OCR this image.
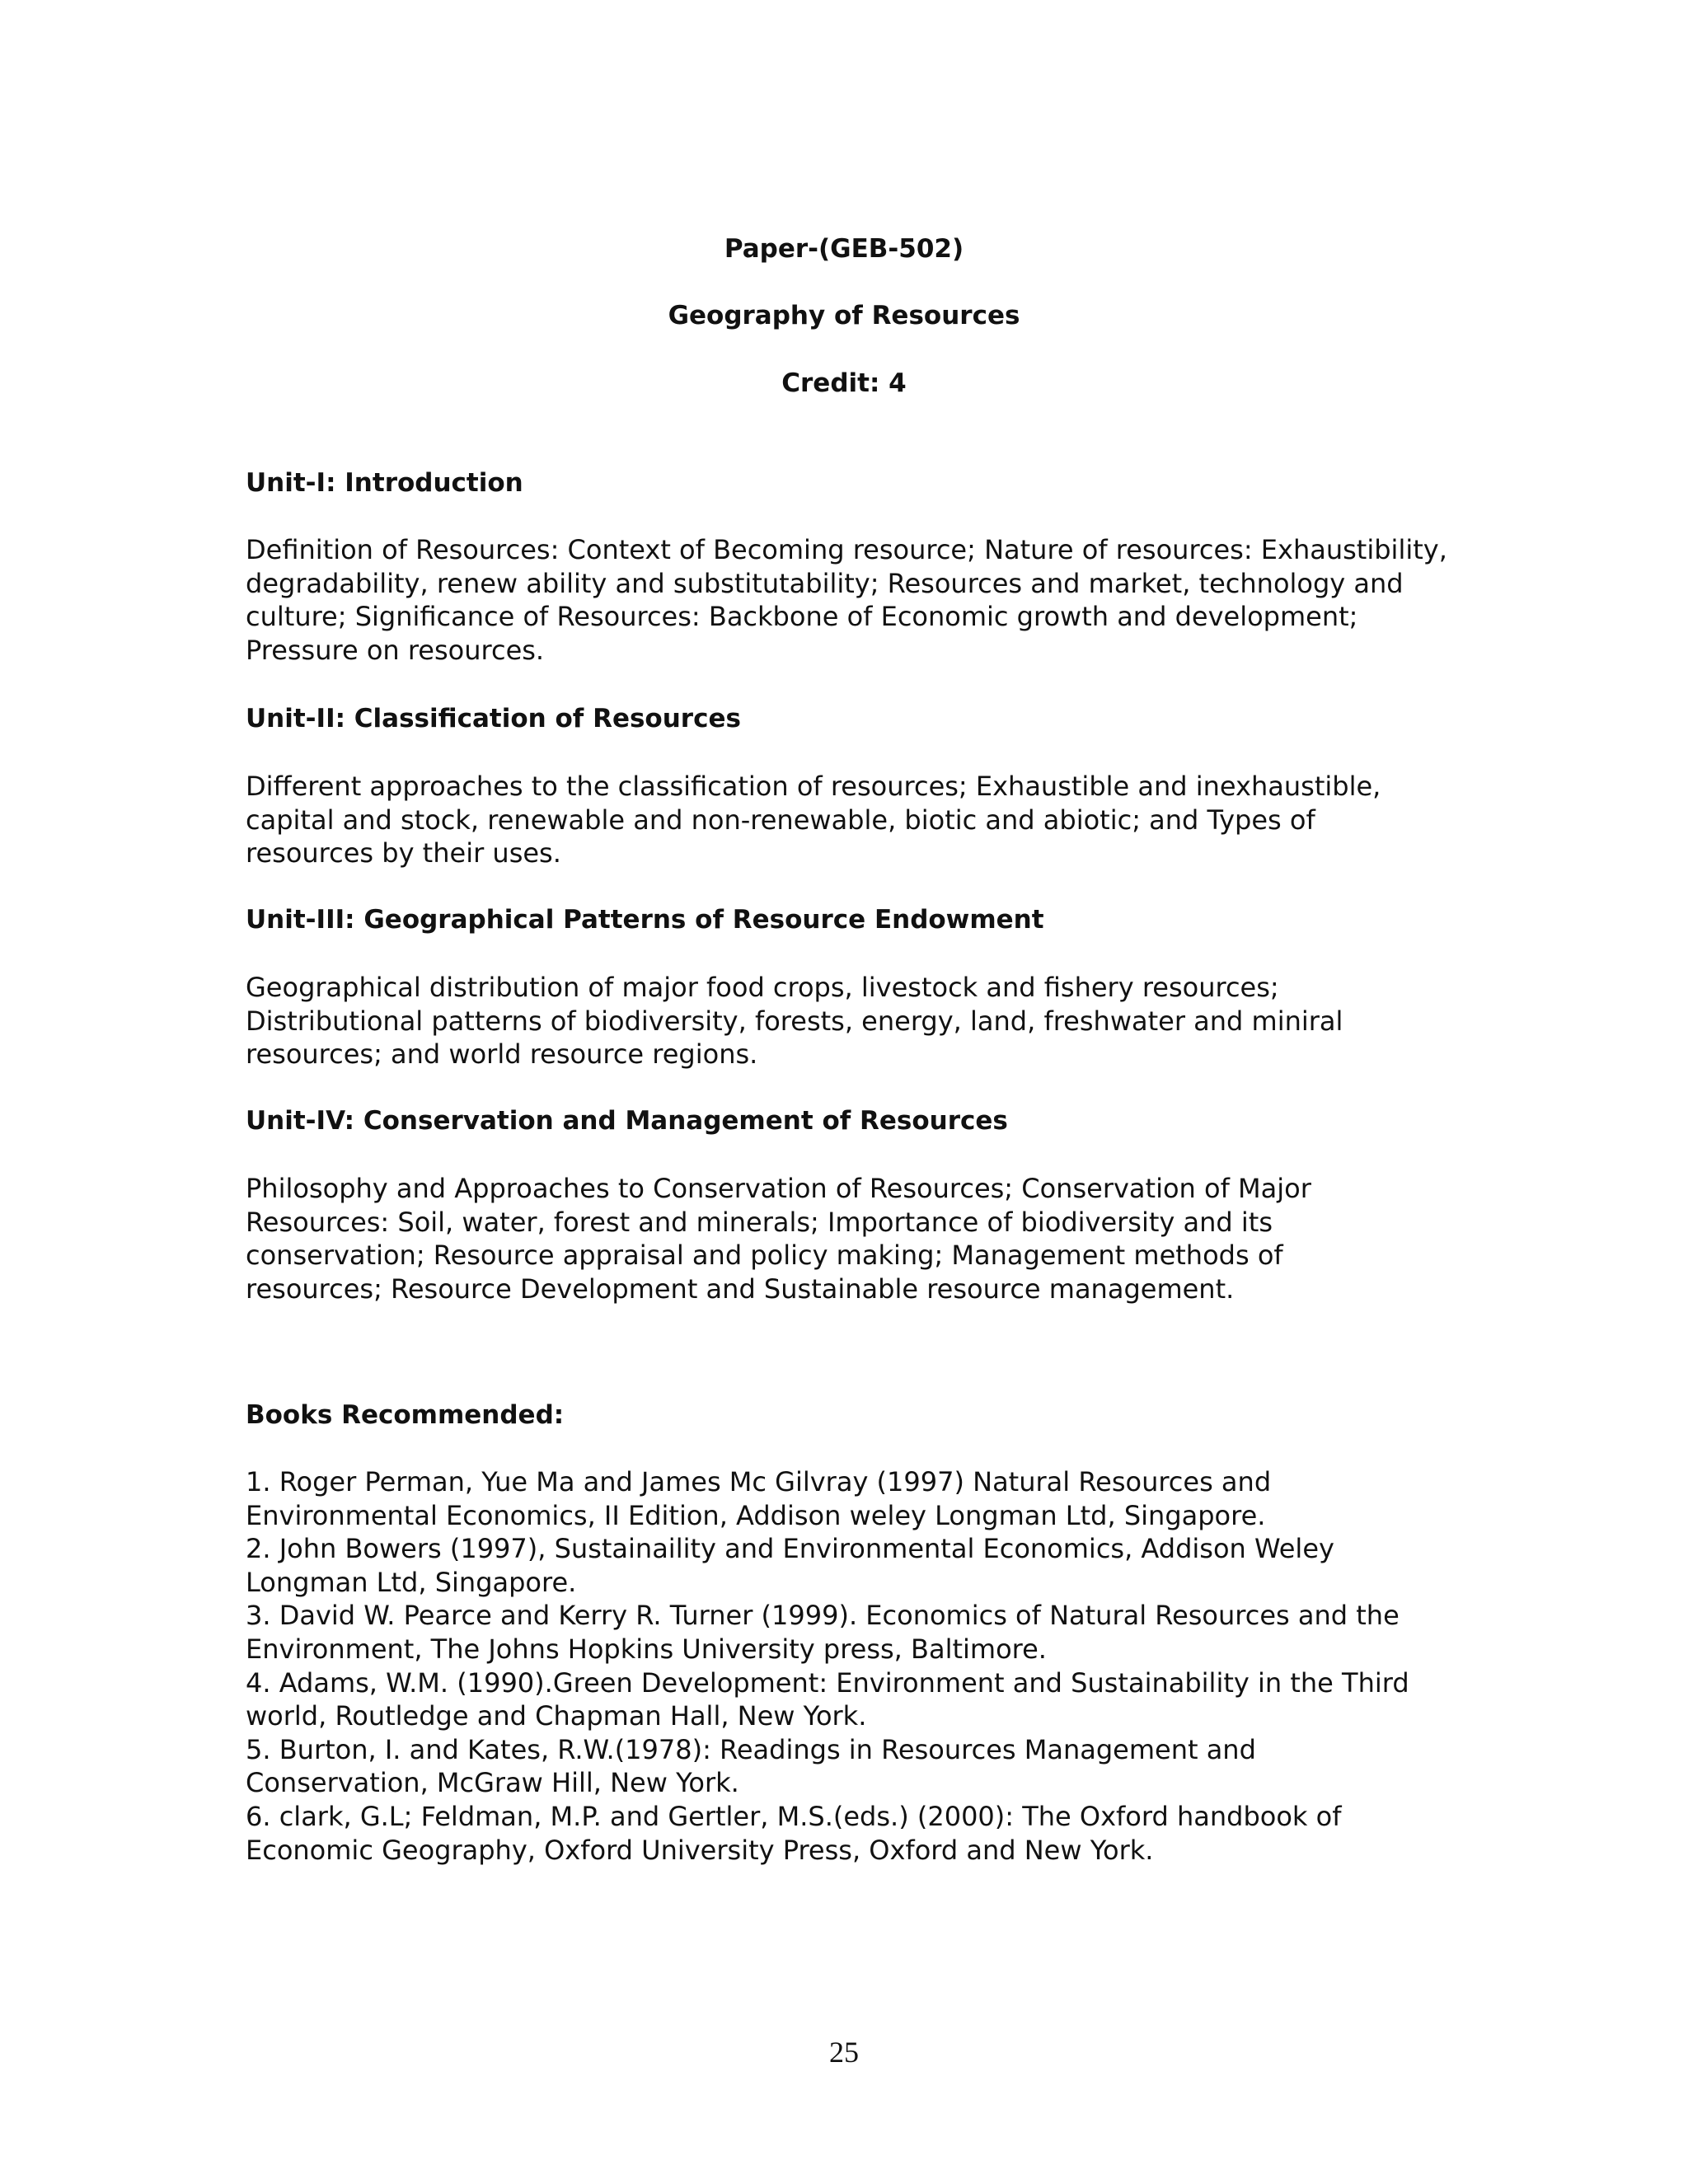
Paper-(GEB-502)
Geography of Resources
Credit: 4
Unit-I: Introduction
Definition of Resources: Context of Becoming resource; Nature of resources: Exhaustibility,
degradability, renew ability and substitutability; Resources and market, technology and
culture; Significance of Resources: Backbone of Economic growth and development;
Pressure on resources.
Unit-II: Classification of Resources
Different approaches to the classification of resources; Exhaustible and inexhaustible,
capital and stock, renewable and non-renewable, biotic and abiotic; and Types of
resources by their uses.
Unit-III: Geographical Patterns of Resource Endowment
Geographical distribution of major food crops, livestock and fishery resources;
Distributional patterns of biodiversity, forests, energy, land, freshwater and miniral
resources; and world resource regions.
Unit-IV: Conservation and Management of Resources
Philosophy and Approaches to Conservation of Resources; Conservation of Major
Resources: Soil, water, forest and minerals; Importance of biodiversity and its
conservation; Resource appraisal and policy making; Management methods of
resources; Resource Development and Sustainable resource management.
Books Recommended:
1. Roger Perman, Yue Ma and James Mc Gilvray (1997) Natural Resources and
Environmental Economics, II Edition, Addison weley Longman Ltd, Singapore.
2. John Bowers (1997), Sustainaility and Environmental Economics, Addison Weley
Longman Ltd, Singapore.
3. David W. Pearce and Kerry R. Turner (1999). Economics of Natural Resources and the
Environment, The Johns Hopkins University press, Baltimore.
4. Adams, W.M. (1990).Green Development: Environment and Sustainability in the Third
world, Routledge and Chapman Hall, New York.
5. Burton, I. and Kates, R.W.(1978): Readings in Resources Management and
Conservation, McGraw Hill, New York.
6. clark, G.L; Feldman, M.P. and Gertler, M.S.(eds.) (2000): The Oxford handbook of
Economic Geography, Oxford University Press, Oxford and New York.
25
